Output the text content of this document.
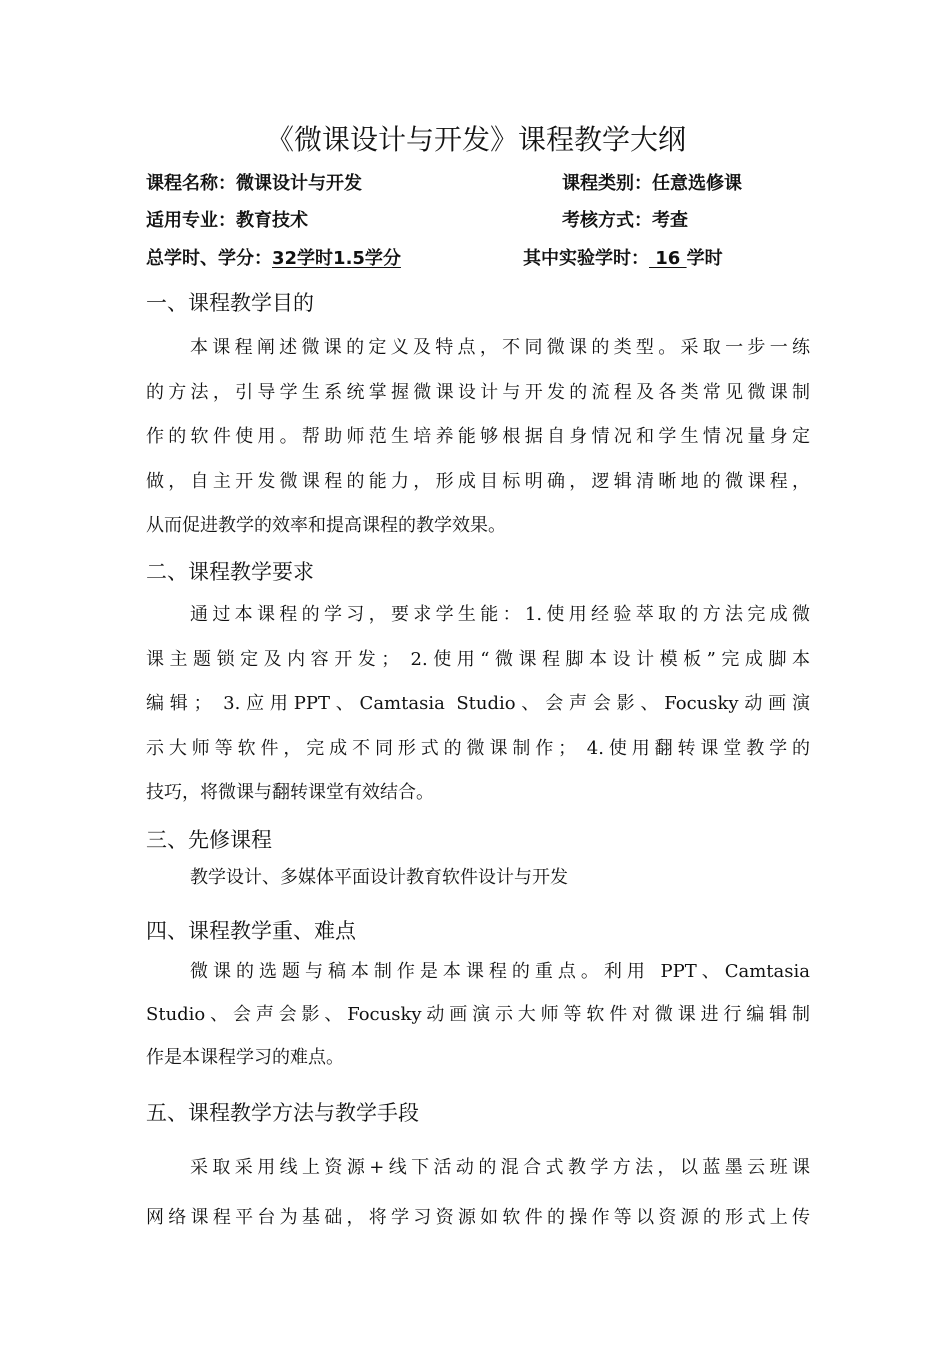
《微课设计与开发》课程教学大纲
课程名称：微课设计与开发	课程类别：任意选修课
适用专业：教育技术	考核方式：考查
总学时、学分：32学时1.5学分	其中实验学时： 16 学时
一、课程教学目的
本课程阐述微课的定义及特点，不同微课的类型。采取一步一练
的方法，引导学生系统掌握微课设计与开发的流程及各类常见微课制
作的软件使用。帮助师范生培养能够根据自身情况和学生情况量身定
做，自主开发微课程的能力，形成目标明确，逻辑清晰地的微课程，
从而促进教学的效率和提高课程的教学效果。
二、课程教学要求
通过本课程的学习，要求学生能：1.使用经验萃取的方法完成微
课主题锁定及内容开发； 2.使用“微课程脚本设计模板”完成脚本
编辑； 3.应用PPT、Camtasia Studio、会声会影、Focusky动画演
示大师等软件，完成不同形式的微课制作； 4.使用翻转课堂教学的
技巧，将微课与翻转课堂有效结合。
三、先修课程
教学设计、多媒体平面设计教育软件设计与开发
四、课程教学重、难点
微课的选题与稿本制作是本课程的重点。利用 PPT、Camtasia
Studio、会声会影、Focusky动画演示大师等软件对微课进行编辑制
作是本课程学习的难点。
五、课程教学方法与教学手段
采取采用线上资源+线下活动的混合式教学方法，以蓝墨云班课
网络课程平台为基础，将学习资源如软件的操作等以资源的形式上传
